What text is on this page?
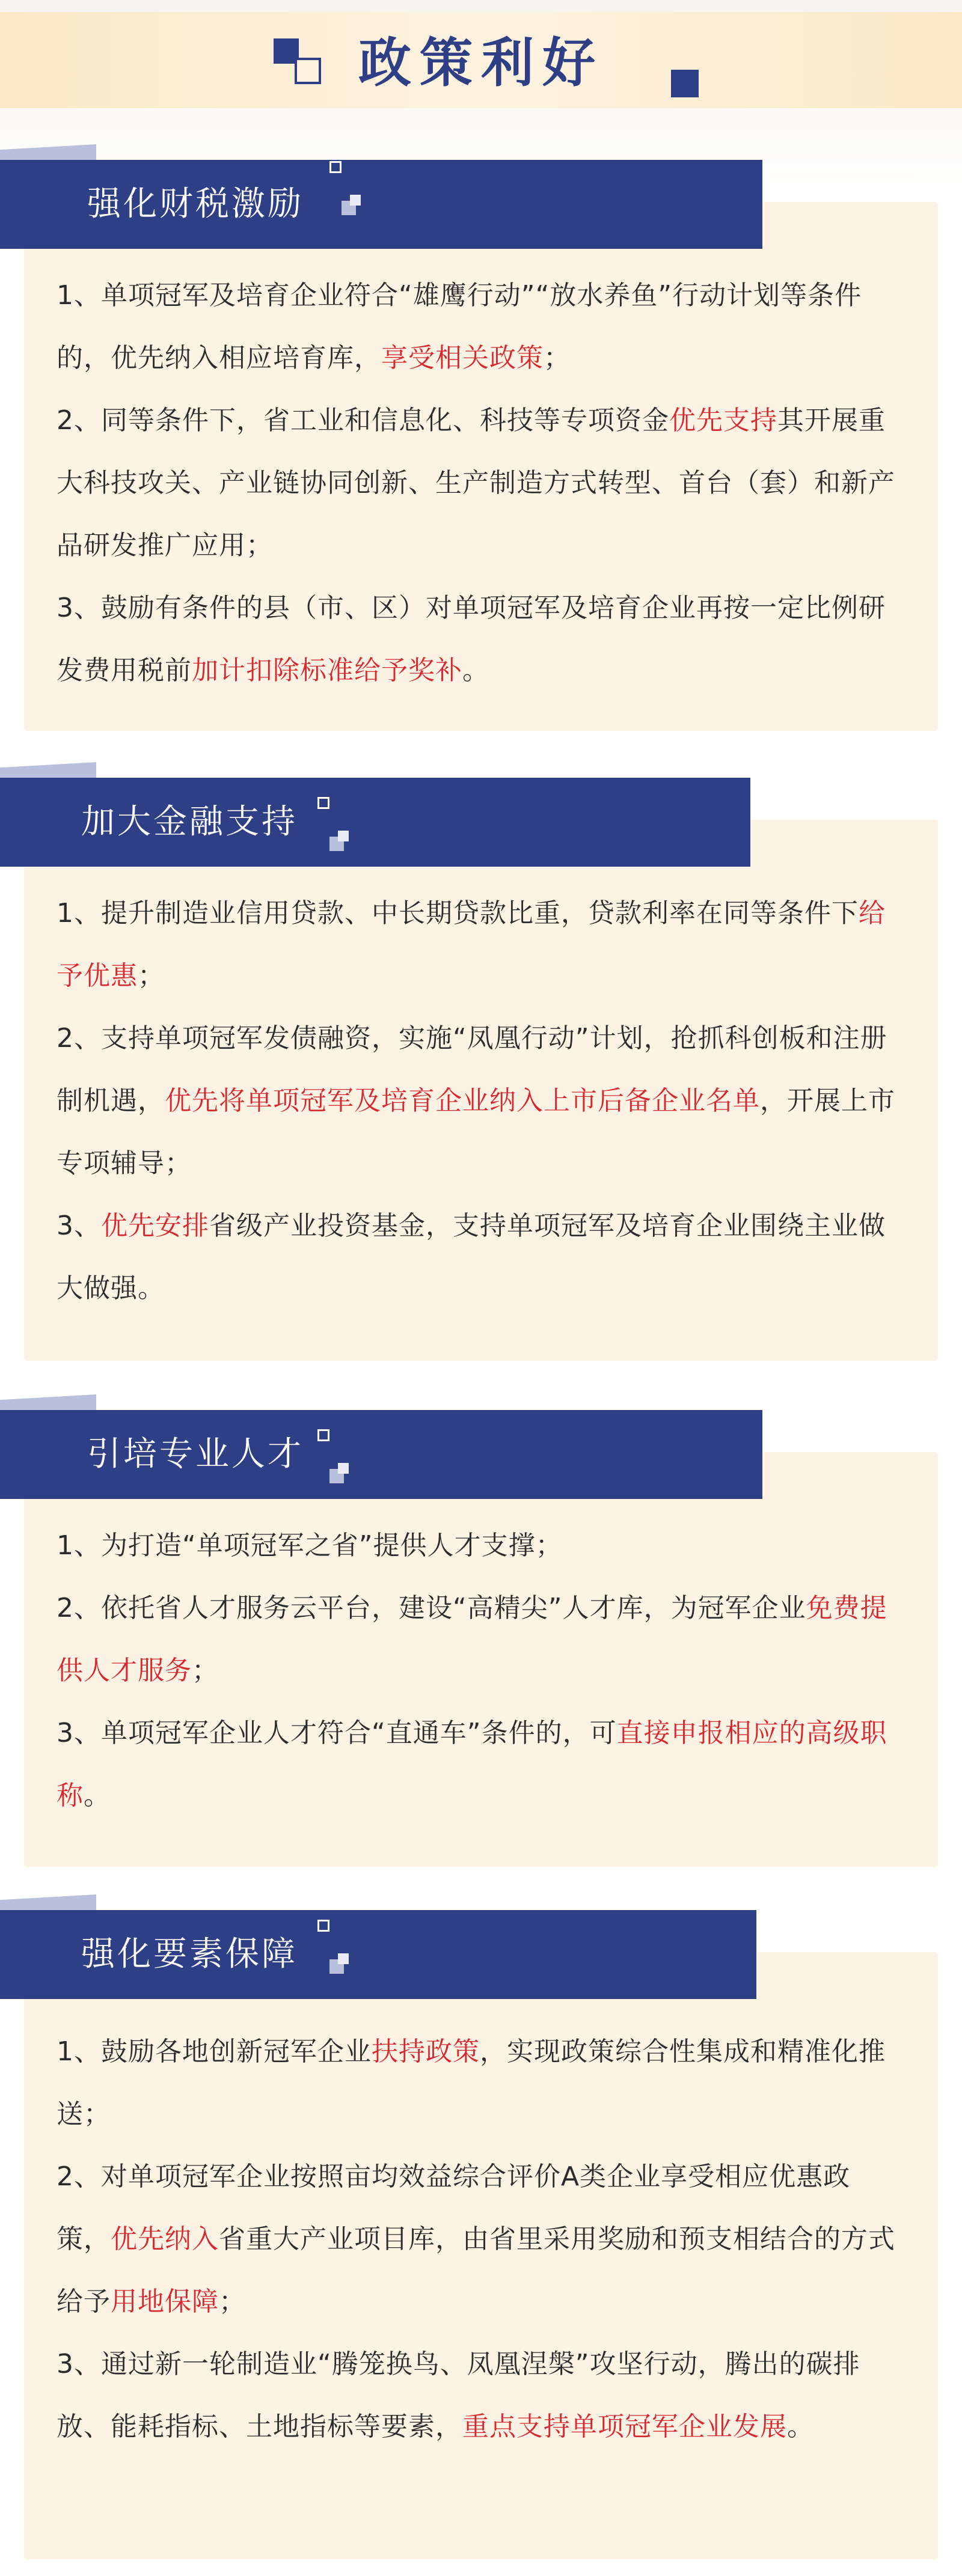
政策利好
强化财税激励

1、单项冠军及培育企业符合“雄鹰行动”“放水养鱼”行动计划等条件的，优先纳入相应培育库，享受相关政策；

2、同等条件下，省工业和信息化、科技等专项资金优先支持其开展重大科技攻关、产业链协同创新、生产制造方式转型、首台（套）和新产品研发推广应用；

3、鼓励有条件的县（市、区）对单项冠军及培育企业再按一定比例研发费用税前加计扣除标准给予奖补。

加大金融支持

1、提升制造业信用贷款、中长期贷款比重，贷款利率在同等条件下给予优惠；

2、支持单项冠军发债融资，实施“凤凰行动”计划，抢抓科创板和注册制机遇，优先将单项冠军及培育企业纳入上市后备企业名单，开展上市专项辅导；

3、优先安排省级产业投资基金，支持单项冠军及培育企业围绕主业做大做强。

引培专业人才

1、为打造“单项冠军之省”提供人才支撑；

2、依托省人才服务云平台，建设“高精尖”人才库，为冠军企业免费提供人才服务；

3、单项冠军企业人才符合“直通车”条件的，可直接申报相应的高级职称。

强化要素保障

1、鼓励各地创新冠军企业扶持政策，实现政策综合性集成和精准化推送；

2、对单项冠军企业按照亩均效益综合评价A类企业享受相应优惠政策，优先纳入省重大产业项目库，由省里采用奖励和预支相结合的方式给予用地保障；

3、通过新一轮制造业“腾笼换鸟、凤凰涅槃”攻坚行动，腾出的碳排放、能耗指标、土地指标等要素，重点支持单项冠军企业发展。
